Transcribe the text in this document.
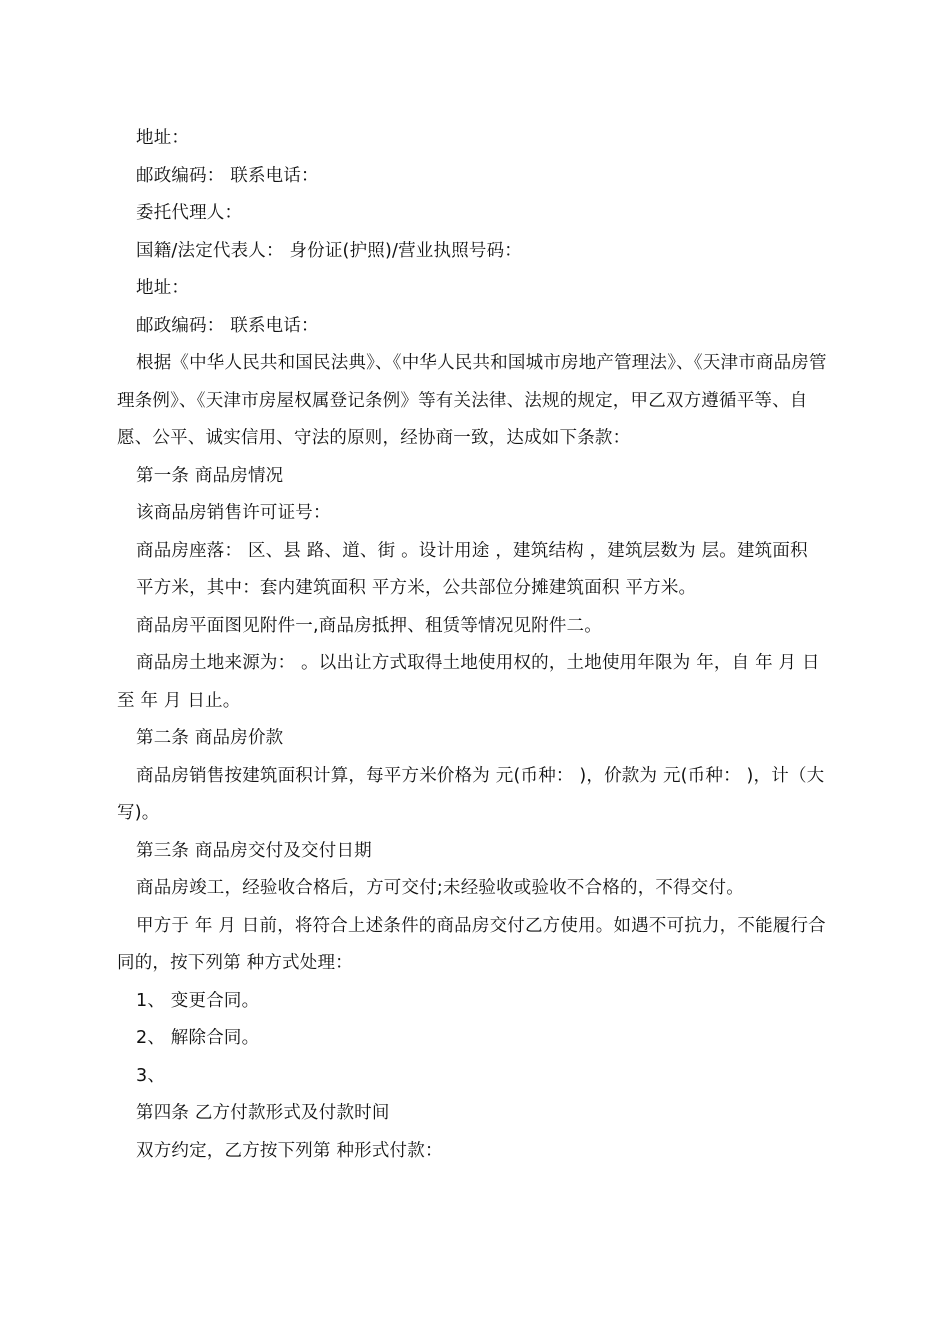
地址：

邮政编码： 联系电话：

委托代理人：

国籍/法定代表人： 身份证(护照)/营业执照号码：

地址：

邮政编码： 联系电话：

根据《中华人民共和国民法典》、《中华人民共和国城市房地产管理法》、《天津市商品房管理条例》、《天津市房屋权属登记条例》等有关法律、法规的规定，甲乙双方遵循平等、自愿、公平、诚实信用、守法的原则，经协商一致，达成如下条款：

第一条 商品房情况

该商品房销售许可证号：

商品房座落： 区、县 路、道、街 。设计用途 ，建筑结构 ，建筑层数为 层。建筑面积

平方米，其中：套内建筑面积 平方米，公共部位分摊建筑面积 平方米。

商品房平面图见附件一,商品房抵押、租赁等情况见附件二。

商品房土地来源为： 。以出让方式取得土地使用权的，土地使用年限为 年，自 年 月 日至 年 月 日止。

第二条 商品房价款

商品房销售按建筑面积计算，每平方米价格为 元(币种： )，价款为 元(币种： )，计（大写)。

第三条 商品房交付及交付日期

商品房竣工，经验收合格后，方可交付;未经验收或验收不合格的，不得交付。

甲方于 年 月 日前，将符合上述条件的商品房交付乙方使用。如遇不可抗力，不能履行合同的，按下列第 种方式处理：

1、 变更合同。

2、 解除合同。

3、

第四条 乙方付款形式及付款时间

双方约定，乙方按下列第 种形式付款：
